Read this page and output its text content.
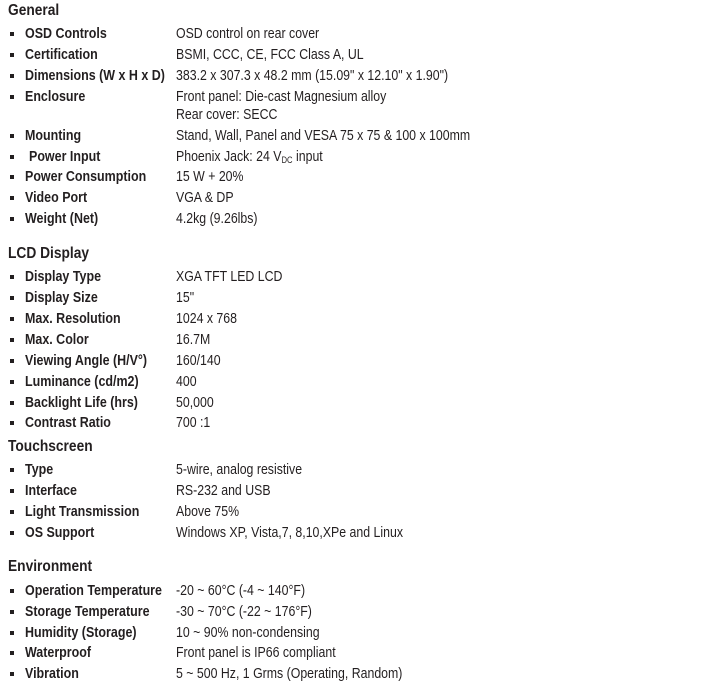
General
OSD Controls	OSD control on rear cover
Certification	BSMI, CCC, CE, FCC Class A, UL
Dimensions (W x H x D) 383.2 x 307.3 x 48.2 mm (15.09" x 12.10" x 1.90")
Enclosure	Front panel: Die-cast Magnesium alloy
Rear cover: SECC
Mounting	Stand, Wall, Panel and VESA 75 x 75 & 100 x 100mm
Power Input	Phoenix Jack: 24 $V_{DC}$ input
Power Consumption 15 W + 20%
Video Port	VGA & DP
Weight (Net)	4.2kg (9.26lbs)
LCD Display
Display Type	XGA TFT LED LCD
Display Size	15"
Max. Resolution	1024 x 768
Max. Color	16.7M
Viewing Angle (H/V°) 160/140
Luminance (cd/m2)	400
Backlight Life (hrs)	50,000
Contrast Ratio	700 :1
Touchscreen
Type	5-wire, analog resistive
Interface	RS-232 and USB
Light Transmission	Above 75%
OS Support	Windows XP, Vista,7, 8,10,XPe and Linux
Environment
Operation Temperature -20 ~ 60°C (-4 ~ 140°F)
Storage Temperature -30 ~ 70°C (-22 ~ 176°F)
Humidity (Storage)	10 ~ 90% non-condensing
Waterproof	Front panel is IP66 compliant
Vibration	5 ~ 500 Hz, 1 Grms (Operating, Random)
